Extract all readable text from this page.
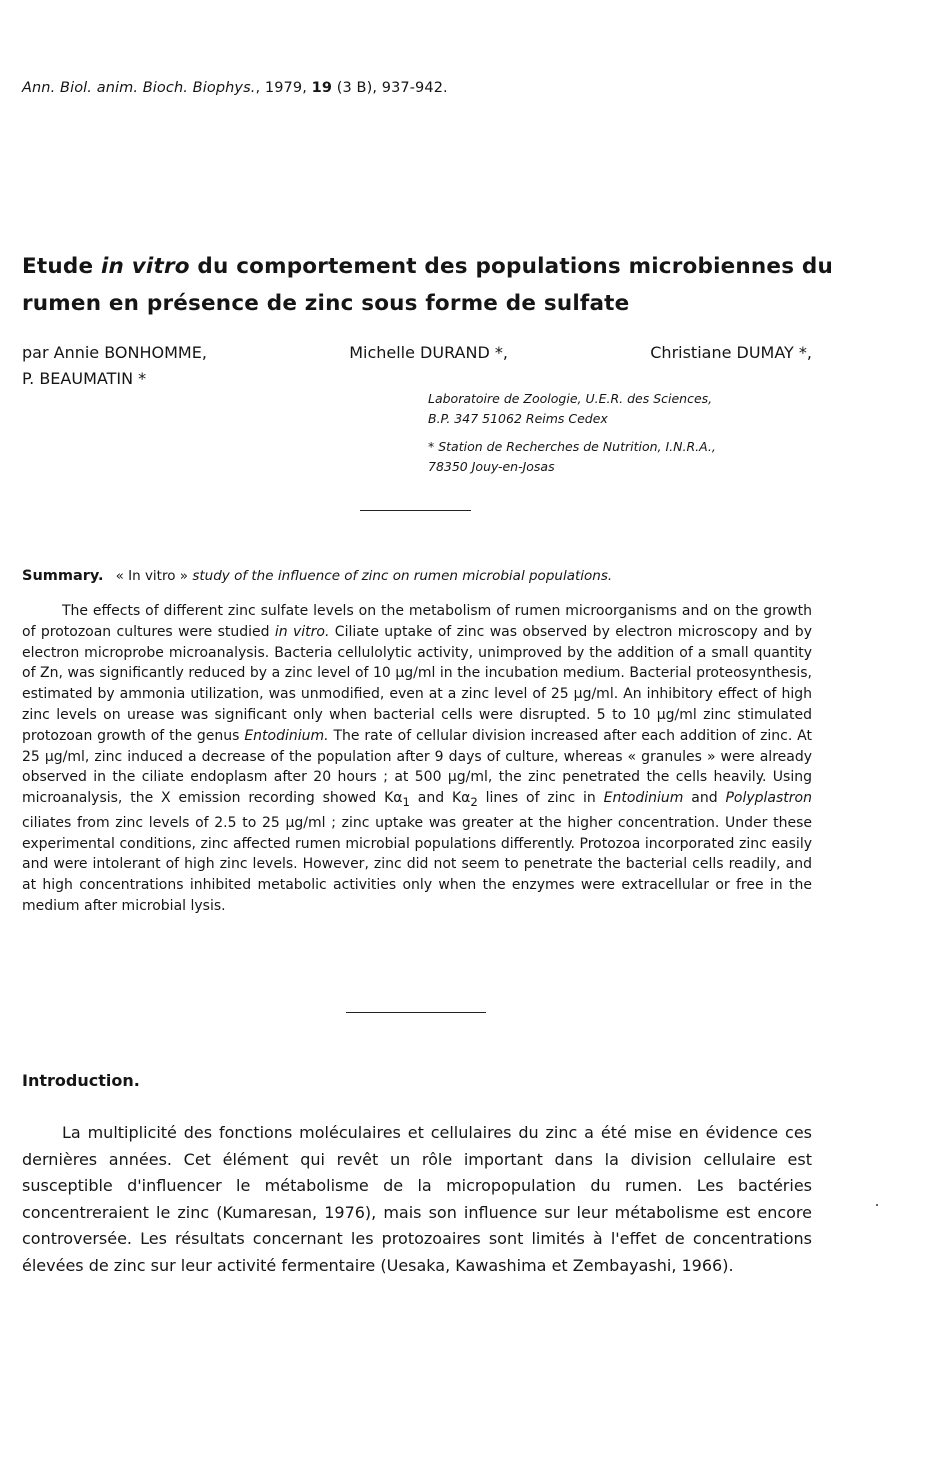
Ann. Biol. anim. Bioch. Biophys., 1979, 19 (3 B), 937-942.
Etude in vitro du comportement des populations microbiennes du rumen en présence de zinc sous forme de sulfate
par Annie BONHOMME,	Michelle DURAND *,	Christiane DUMAY *,
P. BEAUMATIN *

Laboratoire de Zoologie, U.E.R. des Sciences,
B.P. 347 51062 Reims Cedex

* Station de Recherches de Nutrition, I.N.R.A.,
78350 Jouy-en-Josas

Summary. « In vitro » study of the influence of zinc on rumen microbial populations.
The effects of different zinc sulfate levels on the metabolism of rumen microorganisms and on the growth of protozoan cultures were studied in vitro. Ciliate uptake of zinc was observed by electron microscopy and by electron microprobe microanalysis. Bacteria cellulolytic activity, unimproved by the addition of a small quantity of Zn, was significantly reduced by a zinc level of 10 µg/ml in the incubation medium. Bacterial proteosynthesis, estimated by ammonia utilization, was unmodified, even at a zinc level of 25 µg/ml. An inhibitory effect of high zinc levels on urease was significant only when bacterial cells were disrupted. 5 to 10 µg/ml zinc stimulated protozoan growth of the genus Entodinium. The rate of cellular division increased after each addition of zinc. At 25 µg/ml, zinc induced a decrease of the population after 9 days of culture, whereas « granules » were already observed in the ciliate endoplasm after 20 hours ; at 500 µg/ml, the zinc penetrated the cells heavily. Using microanalysis, the X emission recording showed $K\alpha_1$ and $K\alpha_2$ lines of zinc in Entodinium and Polyplastron ciliates from zinc levels of 2.5 to 25 µg/ml ; zinc uptake was greater at the higher concentration. Under these experimental conditions, zinc affected rumen microbial populations differently. Protozoa incorporated zinc easily and were intolerant of high zinc levels. However, zinc did not seem to penetrate the bacterial cells readily, and at high concentrations inhibited metabolic activities only when the enzymes were extracellular or free in the medium after microbial lysis.
Introduction.

La multiplicité des fonctions moléculaires et cellulaires du zinc a été mise en évidence ces dernières années. Cet élément qui revêt un rôle important dans la division cellulaire est susceptible d'influencer le métabolisme de la micropopulation du rumen. Les bactéries concentreraient le zinc (Kumaresan, 1976), mais son influence sur leur métabolisme est encore controversée. Les résultats concernant les protozoaires sont limités à l'effet de concentrations élevées de zinc sur leur activité fermentaire (Uesaka, Kawashima et Zembayashi, 1966).
